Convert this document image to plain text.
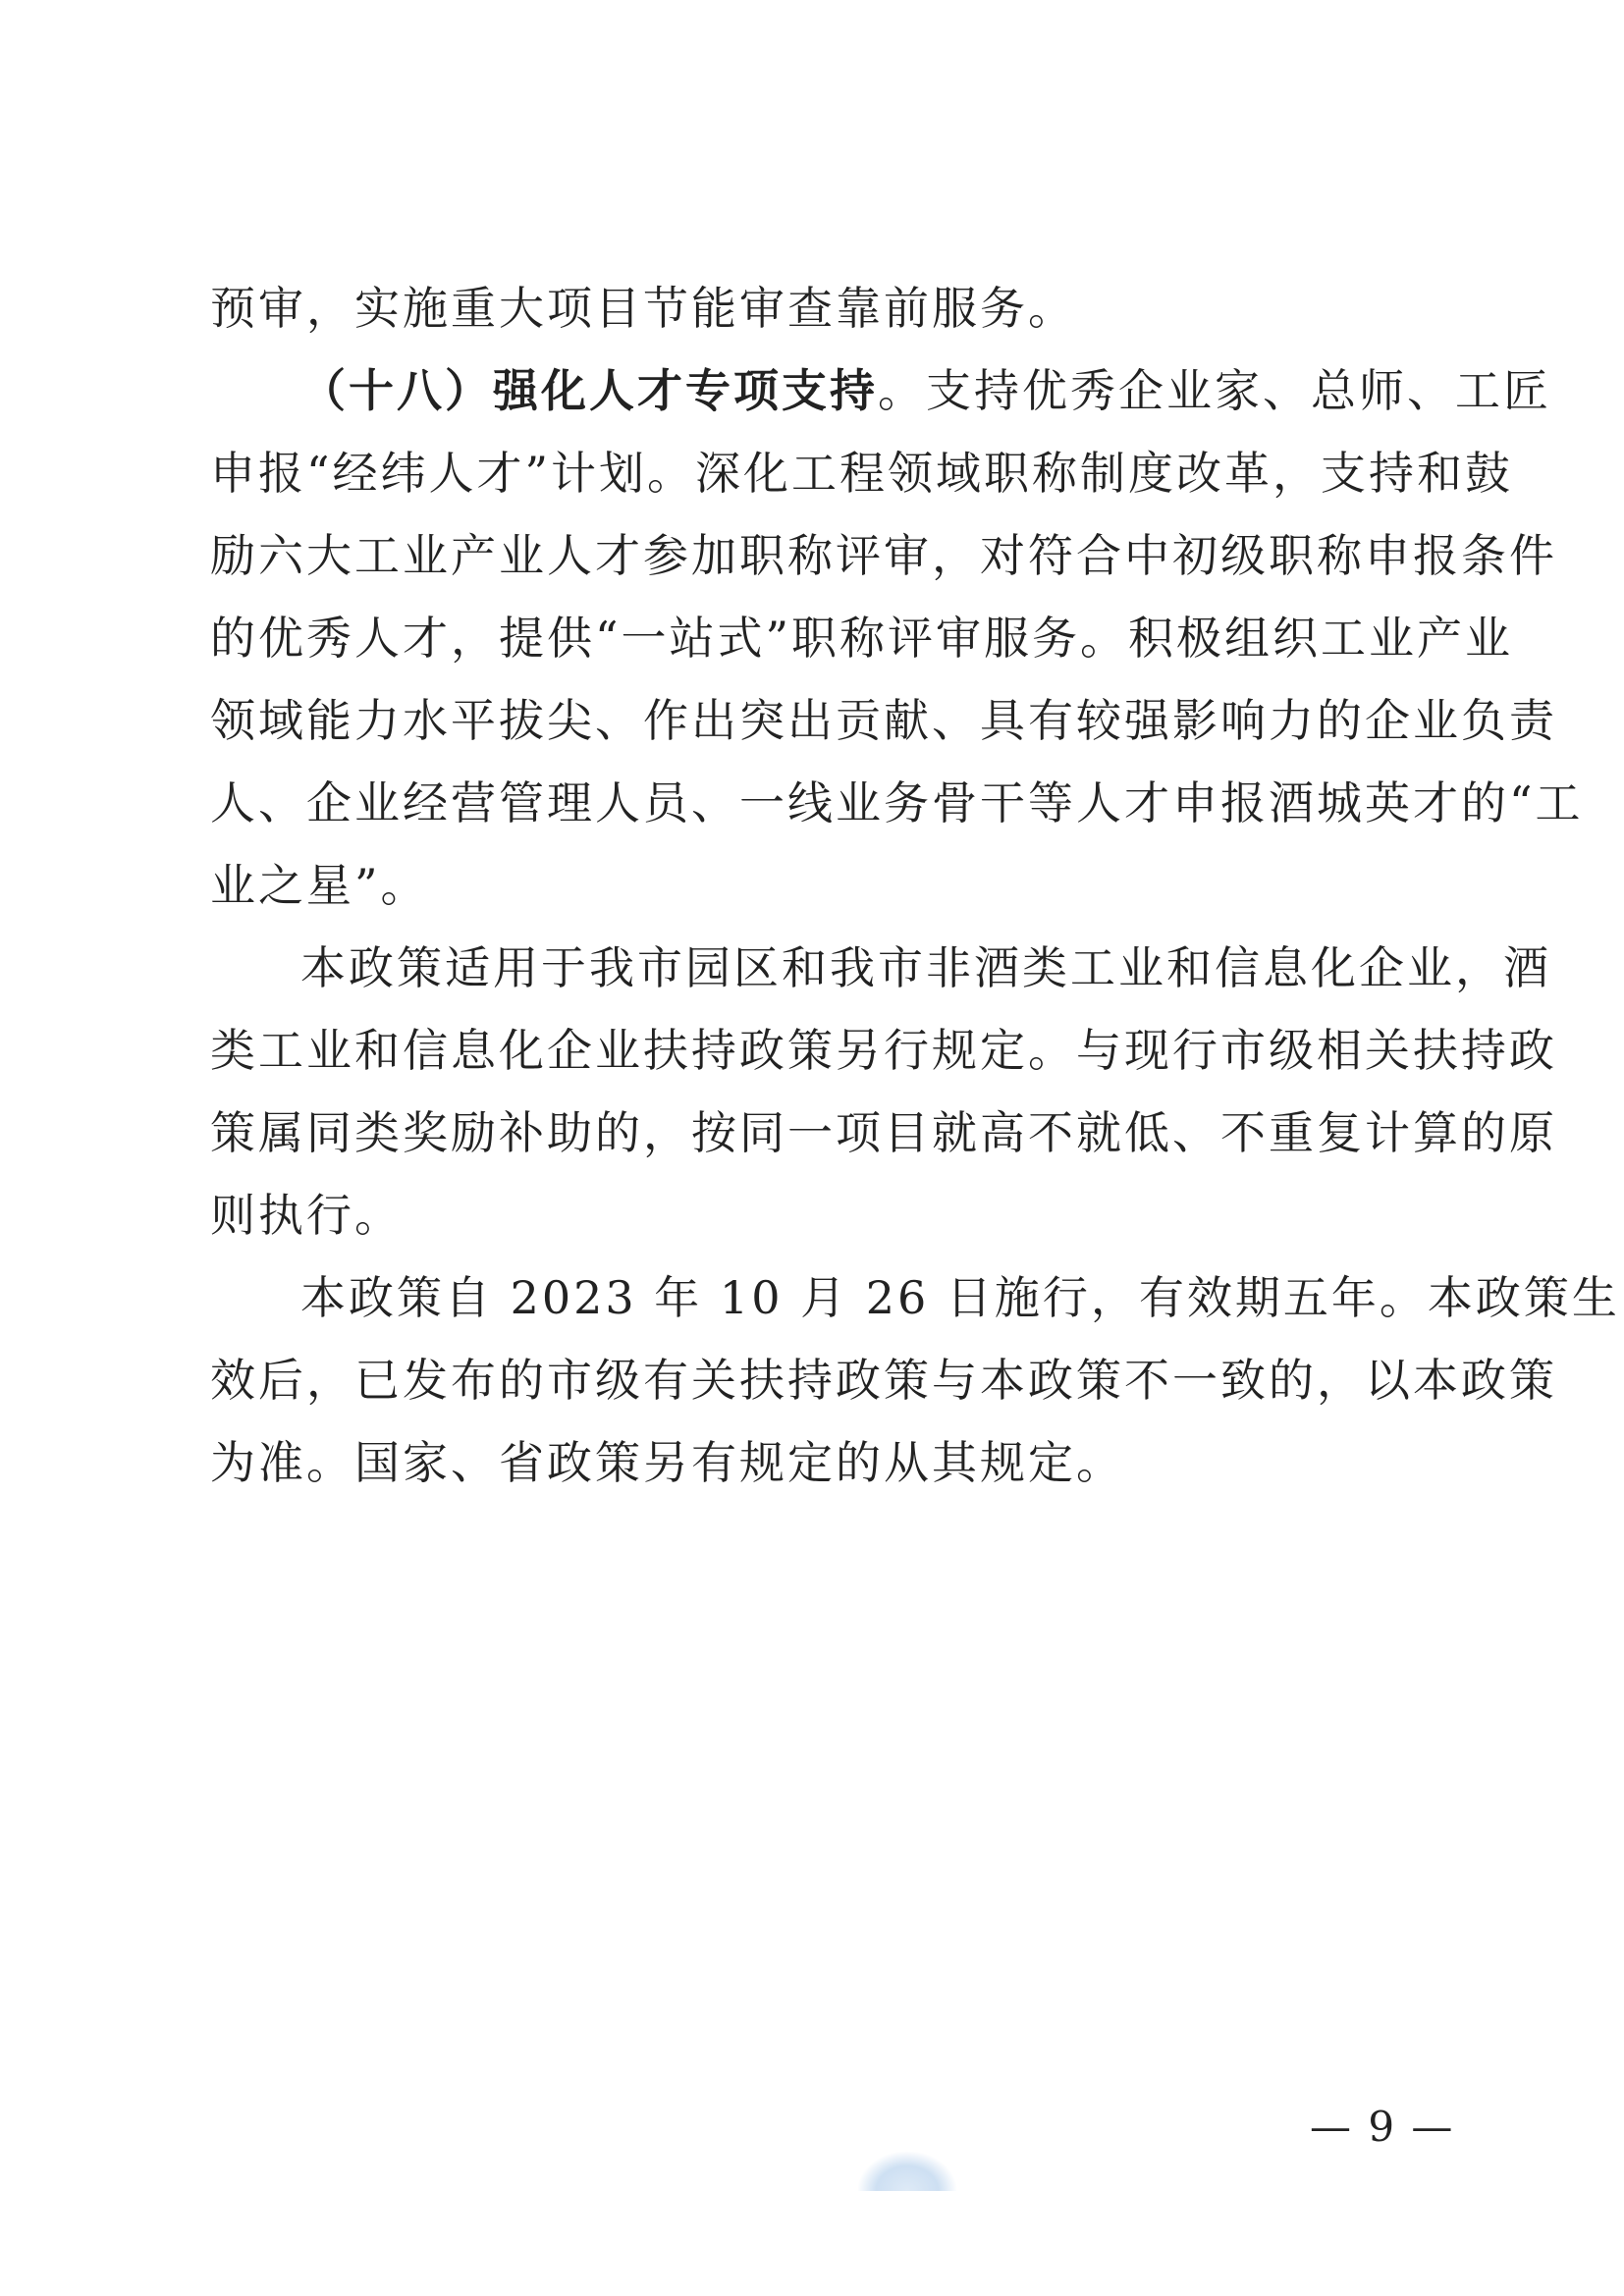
预审，实施重大项目节能审查靠前服务。
（十八）强化人才专项支持。支持优秀企业家、总师、工匠
申报“经纬人才”计划。深化工程领域职称制度改革，支持和鼓
励六大工业产业人才参加职称评审，对符合中初级职称申报条件
的优秀人才，提供“一站式”职称评审服务。积极组织工业产业
领域能力水平拔尖、作出突出贡献、具有较强影响力的企业负责
人、企业经营管理人员、一线业务骨干等人才申报酒城英才的“工
业之星”。
本政策适用于我市园区和我市非酒类工业和信息化企业，酒
类工业和信息化企业扶持政策另行规定。与现行市级相关扶持政
策属同类奖励补助的，按同一项目就高不就低、不重复计算的原
则执行。
本政策自 2023 年 10 月 26 日施行，有效期五年。本政策生
效后，已发布的市级有关扶持政策与本政策不一致的，以本政策
为准。国家、省政策另有规定的从其规定。
— 9 —
